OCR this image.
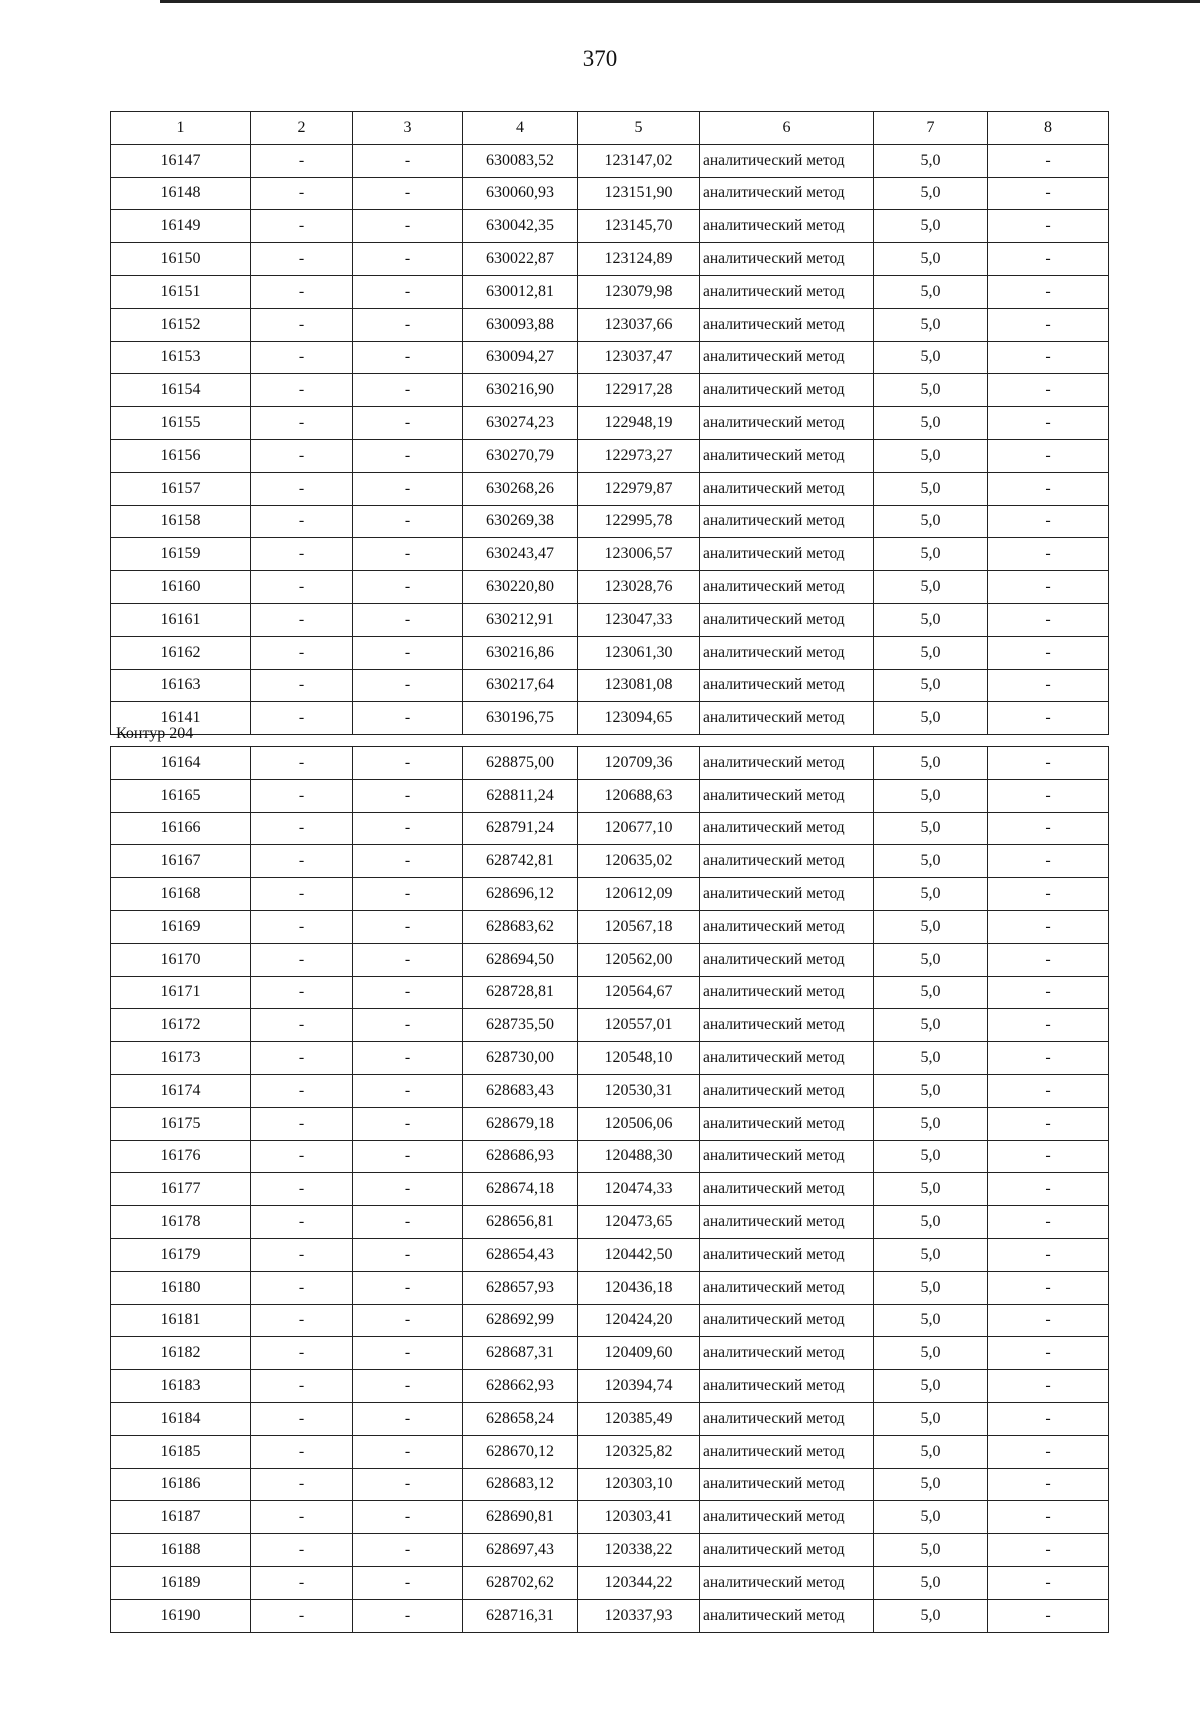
370
1	2	3	4	5	6	7	8
16147	-	-	630083,52	123147,02	аналитический метод	5,0	-
16148	-	-	630060,93	123151,90	аналитический метод	5,0	-
16149	-	-	630042,35	123145,70	аналитический метод	5,0	-
16150	-	-	630022,87	123124,89	аналитический метод	5,0	-
16151	-	-	630012,81	123079,98	аналитический метод	5,0	-
16152	-	-	630093,88	123037,66	аналитический метод	5,0	-
16153	-	-	630094,27	123037,47	аналитический метод	5,0	-
16154	-	-	630216,90	122917,28	аналитический метод	5,0	-
16155	-	-	630274,23	122948,19	аналитический метод	5,0	-
16156	-	-	630270,79	122973,27	аналитический метод	5,0	-
16157	-	-	630268,26	122979,87	аналитический метод	5,0	-
16158	-	-	630269,38	122995,78	аналитический метод	5,0	-
16159	-	-	630243,47	123006,57	аналитический метод	5,0	-
16160	-	-	630220,80	123028,76	аналитический метод	5,0	-
16161	-	-	630212,91	123047,33	аналитический метод	5,0	-
16162	-	-	630216,86	123061,30	аналитический метод	5,0	-
16163	-	-	630217,64	123081,08	аналитический метод	5,0	-
16141	-	-	630196,75	123094,65	аналитический метод	5,0	-
Контур 204
16164	-	-	628875,00	120709,36	аналитический метод	5,0	-
16165	-	-	628811,24	120688,63	аналитический метод	5,0	-
16166	-	-	628791,24	120677,10	аналитический метод	5,0	-
16167	-	-	628742,81	120635,02	аналитический метод	5,0	-
16168	-	-	628696,12	120612,09	аналитический метод	5,0	-
16169	-	-	628683,62	120567,18	аналитический метод	5,0	-
16170	-	-	628694,50	120562,00	аналитический метод	5,0	-
16171	-	-	628728,81	120564,67	аналитический метод	5,0	-
16172	-	-	628735,50	120557,01	аналитический метод	5,0	-
16173	-	-	628730,00	120548,10	аналитический метод	5,0	-
16174	-	-	628683,43	120530,31	аналитический метод	5,0	-
16175	-	-	628679,18	120506,06	аналитический метод	5,0	-
16176	-	-	628686,93	120488,30	аналитический метод	5,0	-
16177	-	-	628674,18	120474,33	аналитический метод	5,0	-
16178	-	-	628656,81	120473,65	аналитический метод	5,0	-
16179	-	-	628654,43	120442,50	аналитический метод	5,0	-
16180	-	-	628657,93	120436,18	аналитический метод	5,0	-
16181	-	-	628692,99	120424,20	аналитический метод	5,0	-
16182	-	-	628687,31	120409,60	аналитический метод	5,0	-
16183	-	-	628662,93	120394,74	аналитический метод	5,0	-
16184	-	-	628658,24	120385,49	аналитический метод	5,0	-
16185	-	-	628670,12	120325,82	аналитический метод	5,0	-
16186	-	-	628683,12	120303,10	аналитический метод	5,0	-
16187	-	-	628690,81	120303,41	аналитический метод	5,0	-
16188	-	-	628697,43	120338,22	аналитический метод	5,0	-
16189	-	-	628702,62	120344,22	аналитический метод	5,0	-
16190	-	-	628716,31	120337,93	аналитический метод	5,0	-
